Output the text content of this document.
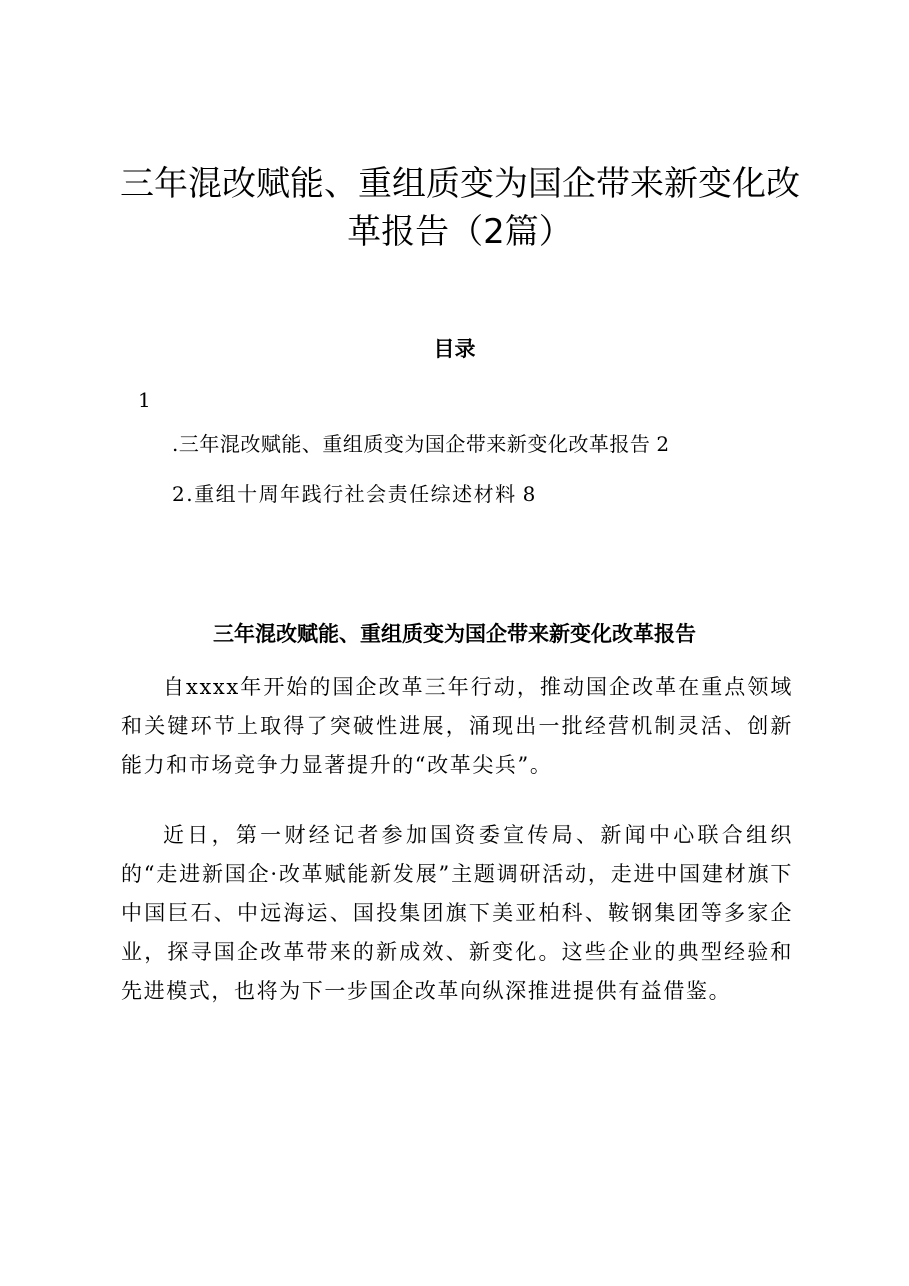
三年混改赋能、重组质变为国企带来新变化改
革报告（2篇）
目录
1
.三年混改赋能、重组质变为国企带来新变化改革报告 2
2.重组十周年践行社会责任综述材料 8
三年混改赋能、重组质变为国企带来新变化改革报告

自xxxx年开始的国企改革三年行动，推动国企改革在重点领域和关键环节上取得了突破性进展，涌现出一批经营机制灵活、创新能力和市场竞争力显著提升的“改革尖兵”。

近日，第一财经记者参加国资委宣传局、新闻中心联合组织的“走进新国企·改革赋能新发展”主题调研活动，走进中国建材旗下中国巨石、中远海运、国投集团旗下美亚柏科、鞍钢集团等多家企业，探寻国企改革带来的新成效、新变化。这些企业的典型经验和先进模式，也将为下一步国企改革向纵深推进提供有益借鉴。
